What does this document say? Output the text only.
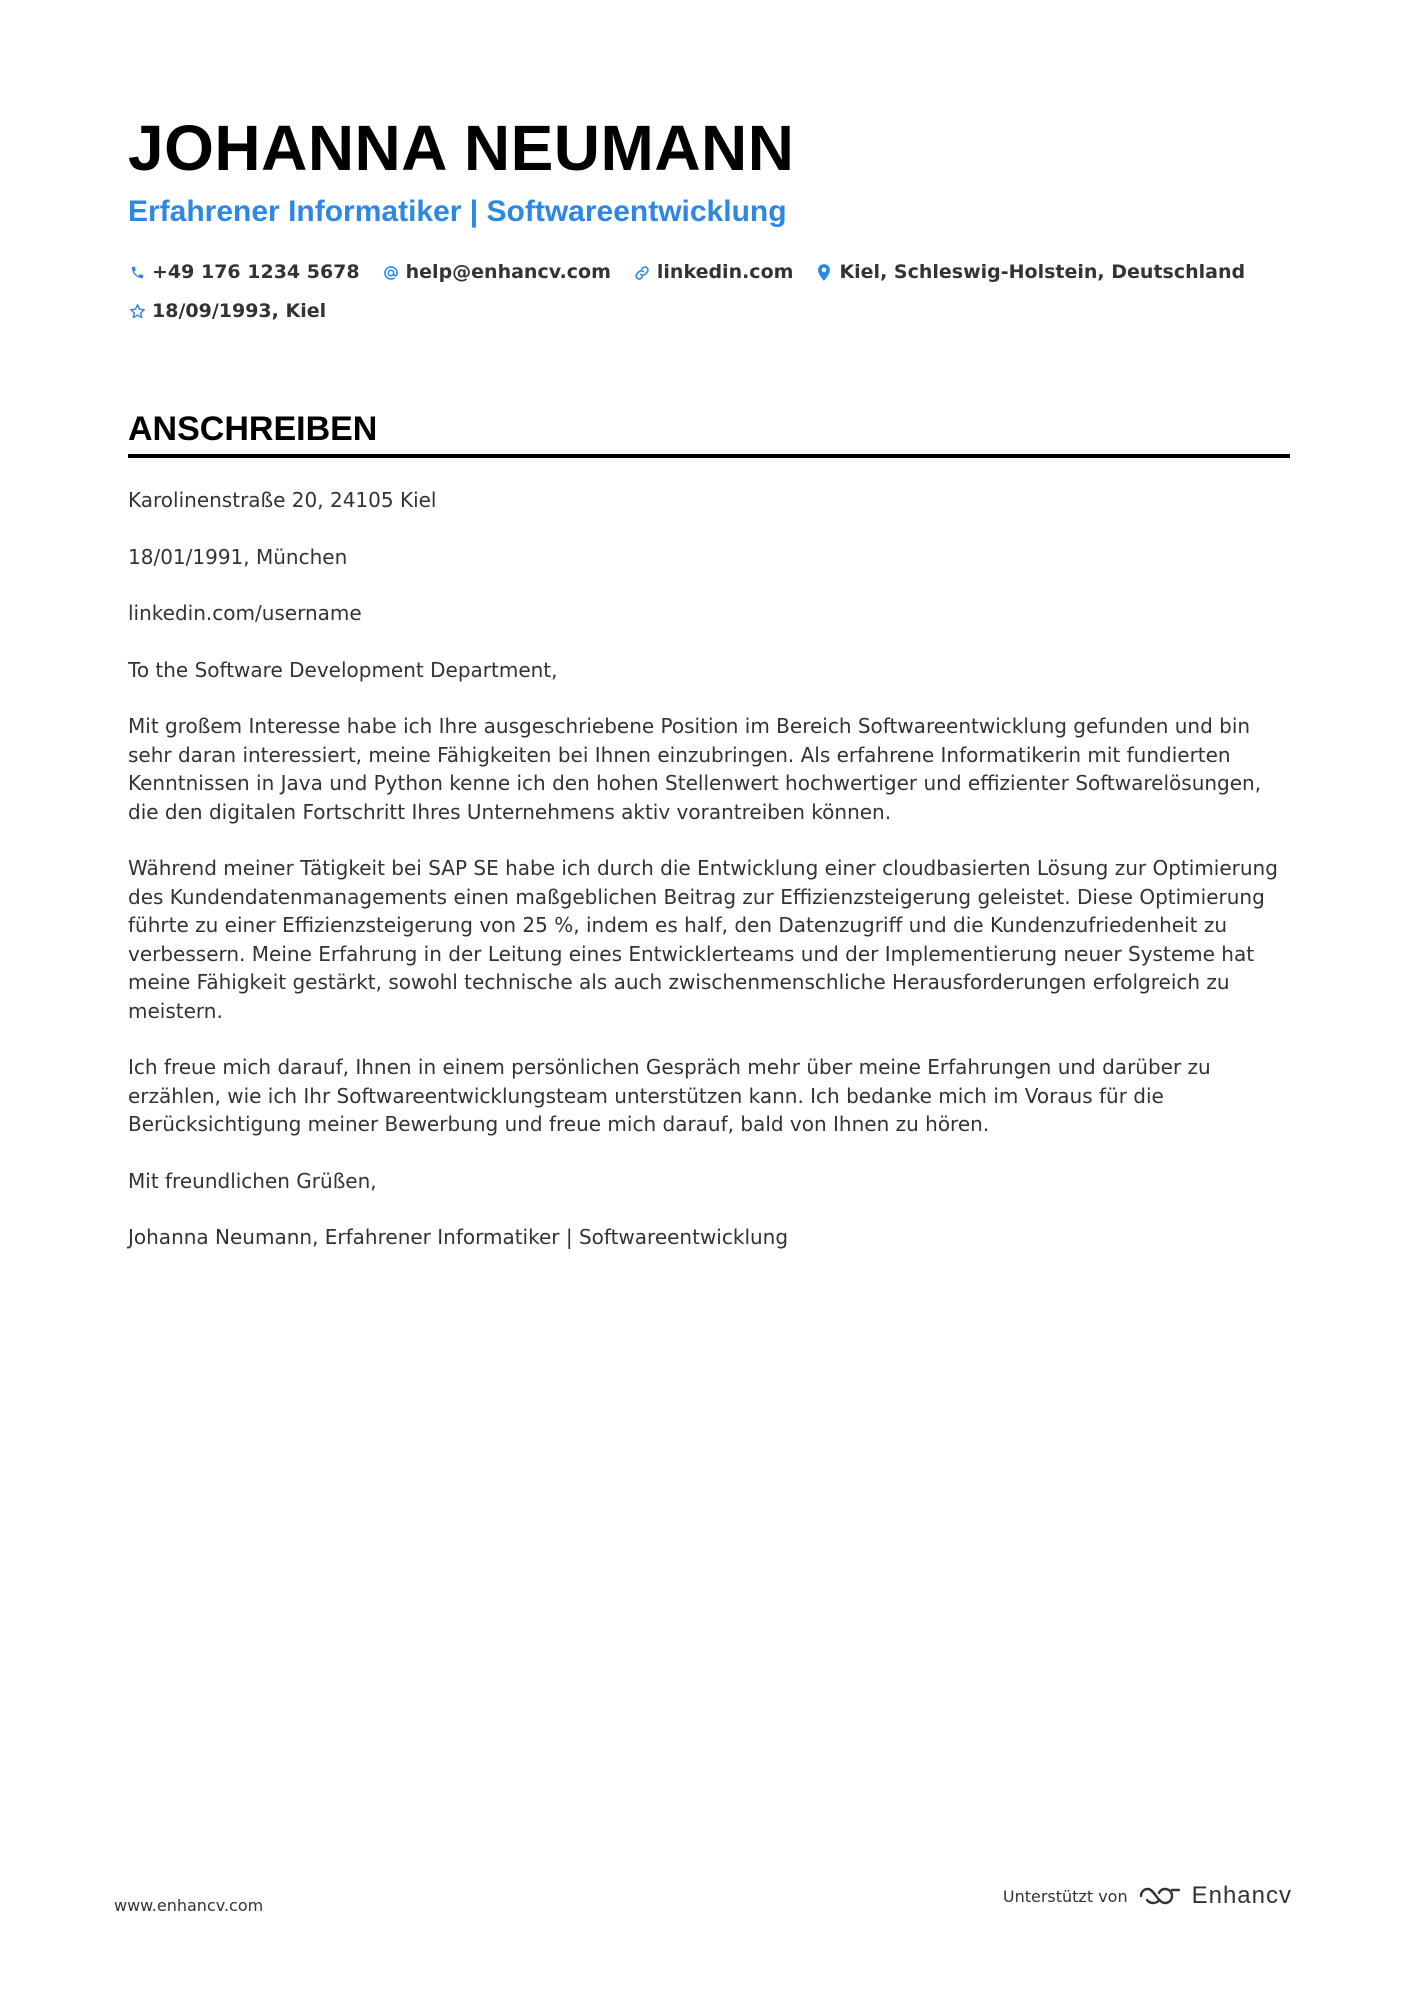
JOHANNA NEUMANN
Erfahrener Informatiker | Softwareentwicklung
+49 176 1234 5678 help@enhancv.com linkedin.com Kiel, Schleswig-Holstein, Deutschland
18/09/1993, Kiel
ANSCHREIBEN

Karolinenstraße 20, 24105 Kiel

18/01/1991, München

linkedin.com/username

To the Software Development Department,

Mit großem Interesse habe ich Ihre ausgeschriebene Position im Bereich Softwareentwicklung gefunden und bin sehr daran interessiert, meine Fähigkeiten bei Ihnen einzubringen. Als erfahrene Informatikerin mit fundierten Kenntnissen in Java und Python kenne ich den hohen Stellenwert hochwertiger und effizienter Softwarelösungen, die den digitalen Fortschritt Ihres Unternehmens aktiv vorantreiben können.

Während meiner Tätigkeit bei SAP SE habe ich durch die Entwicklung einer cloudbasierten Lösung zur Optimierung des Kundendatenmanagements einen maßgeblichen Beitrag zur Effizienzsteigerung geleistet. Diese Optimierung führte zu einer Effizienzsteigerung von 25 %, indem es half, den Datenzugriff und die Kundenzufriedenheit zu verbessern. Meine Erfahrung in der Leitung eines Entwicklerteams und der Implementierung neuer Systeme hat meine Fähigkeit gestärkt, sowohl technische als auch zwischenmenschliche Herausforderungen erfolgreich zu meistern.

Ich freue mich darauf, Ihnen in einem persönlichen Gespräch mehr über meine Erfahrungen und darüber zu erzählen, wie ich Ihr Softwareentwicklungsteam unterstützen kann. Ich bedanke mich im Voraus für die Berücksichtigung meiner Bewerbung und freue mich darauf, bald von Ihnen zu hören.

Mit freundlichen Grüßen,

Johanna Neumann, Erfahrener Informatiker | Softwareentwicklung

www.enhancv.com	Unterstützt von	Enhancv
